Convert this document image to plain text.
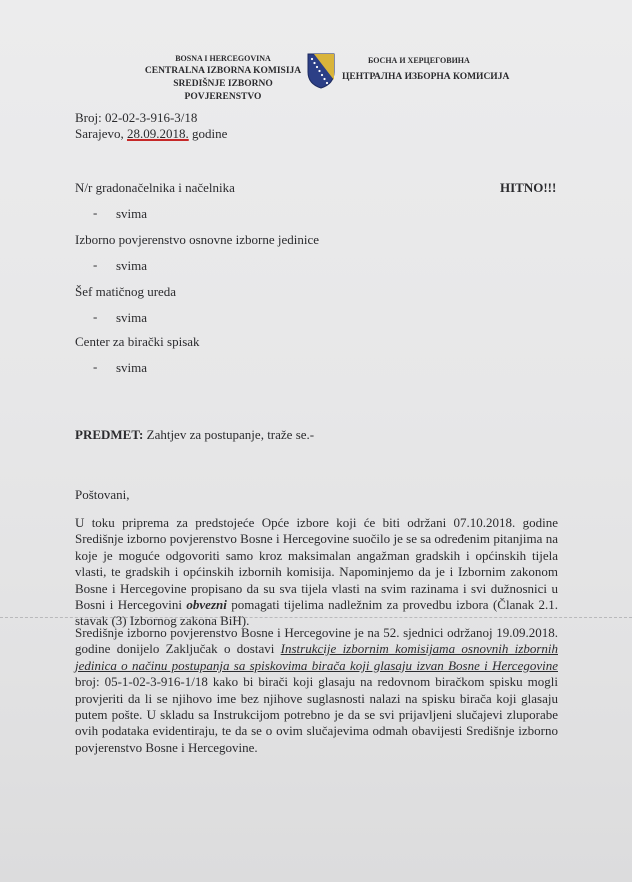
BOSNA I HERCEGOVINA
CENTRALNA IZBORNA KOMISIJA
SREDIŠNJE IZBORNO POVJERENSTVO
БОСНА И ХЕРЦЕГОВИНА
ЦЕНТРАЛНА ИЗБОРНА КОМИСИЈА
Broj: 02-02-3-916-3/18
Sarajevo, 28.09.2018. godine
HITNO!!!
N/r gradonačelnika i načelnika
- svima
Izborno povjerenstvo osnovne izborne jedinice
- svima
Šef matičnog ureda
- svima
Center za birački spisak
- svima
PREDMET: Zahtjev za postupanje, traže se.-
Poštovani,
U toku priprema za predstojeće Opće izbore koji će biti održani 07.10.2018. godine Središnje izborno povjerenstvo Bosne i Hercegovine suočilo je se sa određenim pitanjima na koje je moguće odgovoriti samo kroz maksimalan angažman gradskih i općinskih tijela vlasti, te gradskih i općinskih izbornih komisija. Napominjemo da je i Izbornim zakonom Bosne i Hercegovine propisano da su sva tijela vlasti na svim razinama i svi dužnosnici u Bosni i Hercegovini obvezni pomagati tijelima nadležnim za provedbu izbora (Članak 2.1. stavak (3) Izbornog zakona BiH).
Središnje izborno povjerenstvo Bosne i Hercegovine je na 52. sjednici održanoj 19.09.2018. godine donijelo Zaključak o dostavi Instrukcije izbornim komisijama osnovnih izbornih jedinica o načinu postupanja sa spiskovima birača koji glasaju izvan Bosne i Hercegovine broj: 05-1-02-3-916-1/18 kako bi birači koji glasaju na redovnom biračkom spisku mogli provjeriti da li se njihovo ime bez njihove suglasnosti nalazi na spisku birača koji glasaju putem pošte. U skladu sa Instrukcijom potrebno je da se svi prijavljeni slučajevi zluporabe ovih podataka evidentiraju, te da se o ovim slučajevima odmah obavijesti Središnje izborno povjerenstvo Bosne i Hercegovine.
